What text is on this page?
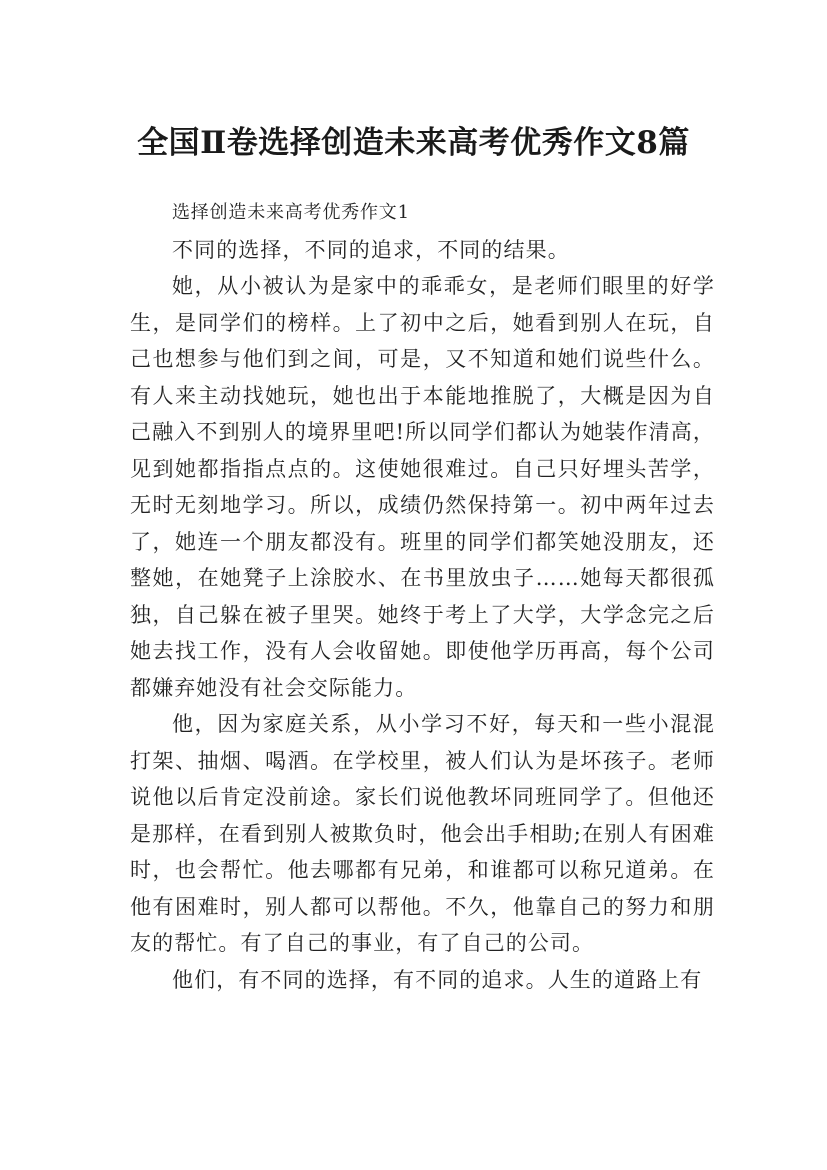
全国Ⅱ卷选择创造未来高考优秀作文8篇

选择创造未来高考优秀作文1

不同的选择，不同的追求，不同的结果。

她，从小被认为是家中的乖乖女，是老师们眼里的好学生，是同学们的榜样。上了初中之后，她看到别人在玩，自己也想参与他们到之间，可是，又不知道和她们说些什么。有人来主动找她玩，她也出于本能地推脱了，大概是因为自己融入不到别人的境界里吧!所以同学们都认为她装作清高，见到她都指指点点的。这使她很难过。自己只好埋头苦学，无时无刻地学习。所以，成绩仍然保持第一。初中两年过去了，她连一个朋友都没有。班里的同学们都笑她没朋友，还整她，在她凳子上涂胶水、在书里放虫子……她每天都很孤独，自己躲在被子里哭。她终于考上了大学，大学念完之后她去找工作，没有人会收留她。即使他学历再高，每个公司都嫌弃她没有社会交际能力。

他，因为家庭关系，从小学习不好，每天和一些小混混打架、抽烟、喝酒。在学校里，被人们认为是坏孩子。老师说他以后肯定没前途。家长们说他教坏同班同学了。但他还是那样，在看到别人被欺负时，他会出手相助;在别人有困难时，也会帮忙。他去哪都有兄弟，和谁都可以称兄道弟。在他有困难时，别人都可以帮他。不久，他靠自己的努力和朋友的帮忙。有了自己的事业，有了自己的公司。

他们，有不同的选择，有不同的追求。人生的道路上有
